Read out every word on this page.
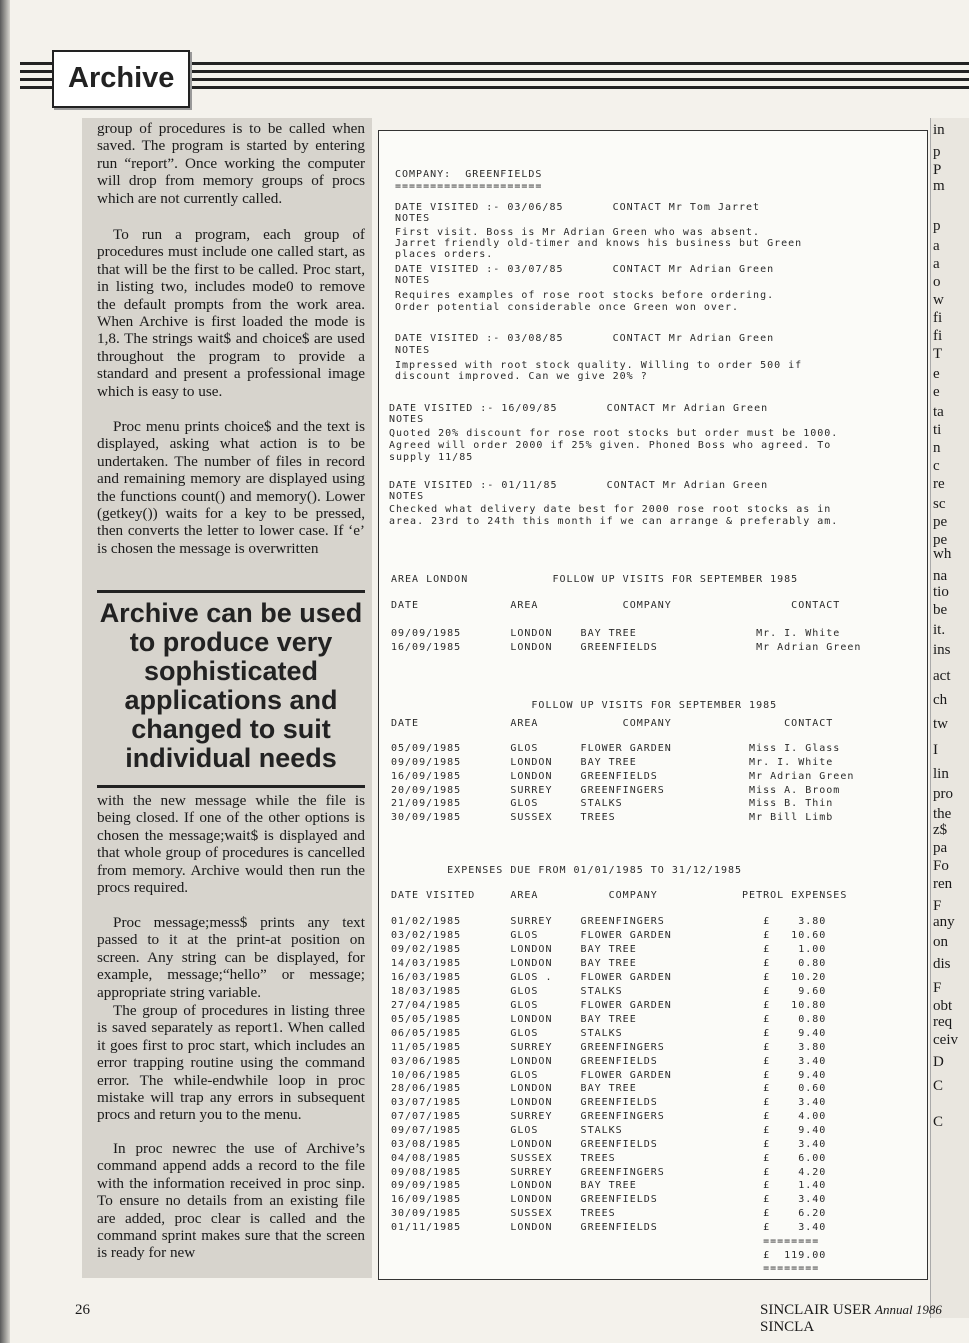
Archive

group of procedures is to be called when saved. The program is started by entering run “report”. Once working the computer will drop from memory groups of procs which are not currently called.

To run a program, each group of procedures must include one called start, as that will be the first to be called. Proc start, in listing two, includes mode0 to remove the default prompts from the work area. When Archive is first loaded the mode is 1,8. The strings wait$ and choice$ are used throughout the program to provide a standard and present a professional image which is easy to use.

Proc menu prints choice$ and the text is displayed, asking what action is to be undertaken. The number of files in record and remaining memory are displayed using the functions count() and memory(). Lower (getkey()) waits for a key to be pressed, then converts the letter to lower case. If ‘e’ is chosen the message is overwritten

Archive can be used to produce very sophisticated applications and changed to suit individual needs

with the new message while the file is being closed. If one of the other options is chosen the message;wait$ is displayed and that whole group of procedures is cancelled from memory. Archive would then run the procs required.

Proc message;mess$ prints any text passed to it at the print-at position on screen. Any string can be displayed, for example, message;“hello” or message; appropriate string variable.

The group of procedures in listing three is saved separately as report1. When called it goes first to proc start, which includes an error trapping routine using the command error. The while-endwhile loop in proc mistake will trap any errors in subsequent procs and return you to the menu.

In proc newrec the use of Archive’s command append adds a record to the file with the information received in proc sinp. To ensure no details from an existing file are added, proc clear is called and the command sprint makes sure that the screen is ready for new

COMPANY:  GREENFIELDS
=====================
DATE VISITED :- 03/06/85       CONTACT Mr Tom Jarret
NOTES
First visit. Boss is Mr Adrian Green who was absent.
Jarret friendly old-timer and knows his business but Green
places orders.
DATE VISITED :- 03/07/85       CONTACT Mr Adrian Green
NOTES
Requires examples of rose root stocks before ordering.
Order potential considerable once Green won over.
DATE VISITED :- 03/08/85       CONTACT Mr Adrian Green
NOTES
Impressed with root stock quality. Willing to order 500 if
discount improved. Can we give 20% ?
DATE VISITED :- 16/09/85       CONTACT Mr Adrian Green
NOTES
Quoted 20% discount for rose root stocks but order must be 1000.
Agreed will order 2000 if 25% given. Phoned Boss who agreed. To
supply 11/85
DATE VISITED :- 01/11/85       CONTACT Mr Adrian Green
NOTES
Checked what delivery date best for 2000 rose root stocks as in
area. 23rd to 24th this month if we can arrange & preferably am.
AREA LONDON            FOLLOW UP VISITS FOR SEPTEMBER 1985
DATE             AREA            COMPANY                 CONTACT
09/09/1985       LONDON    BAY TREE                 Mr. I. White
16/09/1985       LONDON    GREENFIELDS              Mr Adrian Green
FOLLOW UP VISITS FOR SEPTEMBER 1985
DATE             AREA            COMPANY                CONTACT
05/09/1985       GLOS      FLOWER GARDEN           Miss I. Glass
09/09/1985       LONDON    BAY TREE                Mr. I. White
16/09/1985       LONDON    GREENFIELDS             Mr Adrian Green
20/09/1985       SURREY    GREENFINGERS            Miss A. Broom
21/09/1985       GLOS      STALKS                  Miss B. Thin
30/09/1985       SUSSEX    TREES                   Mr Bill Limb
EXPENSES DUE FROM 01/01/1985 TO 31/12/1985
DATE VISITED     AREA          COMPANY            PETROL EXPENSES
01/02/1985       SURREY    GREENFINGERS              £    3.80
03/02/1985       GLOS      FLOWER GARDEN             £   10.60
09/02/1985       LONDON    BAY TREE                  £    1.00
14/03/1985       LONDON    BAY TREE                  £    0.80
16/03/1985       GLOS .    FLOWER GARDEN             £   10.20
18/03/1985       GLOS      STALKS                    £    9.60
27/04/1985       GLOS      FLOWER GARDEN             £   10.80
05/05/1985       LONDON    BAY TREE                  £    0.80
06/05/1985       GLOS      STALKS                    £    9.40
11/05/1985       SURREY    GREENFINGERS              £    3.80
03/06/1985       LONDON    GREENFIELDS               £    3.40
10/06/1985       GLOS      FLOWER GARDEN             £    9.40
28/06/1985       LONDON    BAY TREE                  £    0.60
03/07/1985       LONDON    GREENFIELDS               £    3.40
07/07/1985       SURREY    GREENFINGERS              £    4.00
09/07/1985       GLOS      STALKS                    £    9.40
03/08/1985       LONDON    GREENFIELDS               £    3.40
04/08/1985       SUSSEX    TREES                     £    6.00
09/08/1985       SURREY    GREENFINGERS              £    4.20
09/09/1985       LONDON    BAY TREE                  £    1.40
16/09/1985       LONDON    GREENFIELDS               £    3.40
30/09/1985       SUSSEX    TREES                     £    6.20
01/11/1985       LONDON    GREENFIELDS               £    3.40
========
£  119.00
========
in
p
P
m
p
a
a
o
w
fi
fi
T
e
e
ta
ti
n
c
re
sc
pe
pe
wh
na
tio
be
it.
ins
act
ch
tw
I
lin
pro
the
z$
pa
Fo
ren
F
any
on
dis
F
obt
req
ceiv
D
C
C
26	SINCLAIR USER Annual 1986 SINCLA
